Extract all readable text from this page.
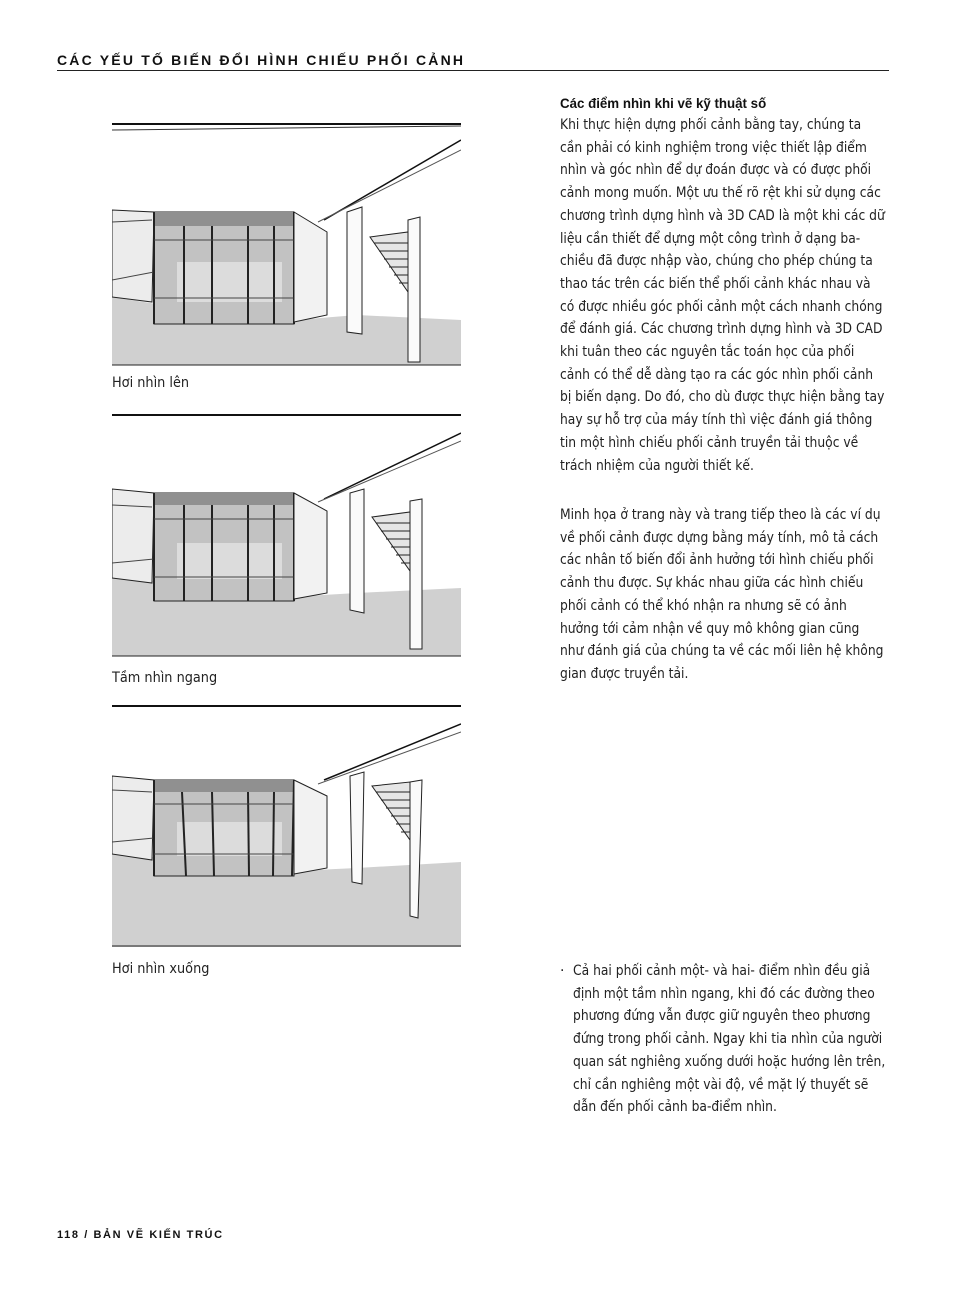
CÁC YẾU TỐ BIẾN ĐỔI HÌNH CHIẾU PHỐI CẢNH
Hơi nhìn lên
Tầm nhìn ngang
Hơi nhìn xuống
Các điểm nhìn khi vẽ kỹ thuật số

Khi thực hiện dựng phối cảnh bằng tay, chúng ta cần phải có kinh nghiệm trong việc thiết lập điểm nhìn và góc nhìn để dự đoán được và có được phối cảnh mong muốn. Một ưu thế rõ rệt khi sử dụng các chương trình dựng hình và 3D CAD là một khi các dữ liệu cần thiết để dựng một công trình ở dạng ba-chiều đã được nhập vào, chúng cho phép chúng ta thao tác trên các biến thể phối cảnh khác nhau và có được nhiều góc phối cảnh một cách nhanh chóng để đánh giá. Các chương trình dựng hình và 3D CAD khi tuân theo các nguyên tắc toán học của phối cảnh có thể dễ dàng tạo ra các góc nhìn phối cảnh bị biến dạng. Do đó, cho dù được thực hiện bằng tay hay sự hỗ trợ của máy tính thì việc đánh giá thông tin một hình chiếu phối cảnh truyền tải thuộc về trách nhiệm của người thiết kế.

Minh họa ở trang này và trang tiếp theo là các ví dụ về phối cảnh được dựng bằng máy tính, mô tả cách các nhân tố biến đổi ảnh hưởng tới hình chiếu phối cảnh thu được. Sự khác nhau giữa các hình chiếu phối cảnh có thể khó nhận ra nhưng sẽ có ảnh hưởng tới cảm nhận về quy mô không gian cũng như đánh giá của chúng ta về các mối liên hệ không gian được truyền tải.

· Cả hai phối cảnh một- và hai- điểm nhìn đều giả định một tầm nhìn ngang, khi đó các đường theo phương đứng vẫn được giữ nguyên theo phương đứng trong phối cảnh. Ngay khi tia nhìn của người quan sát nghiêng xuống dưới hoặc hướng lên trên, chỉ cần nghiêng một vài độ, về mặt lý thuyết sẽ dẫn đến phối cảnh ba-điểm nhìn.

118 / BẢN VẼ KIẾN TRÚC
